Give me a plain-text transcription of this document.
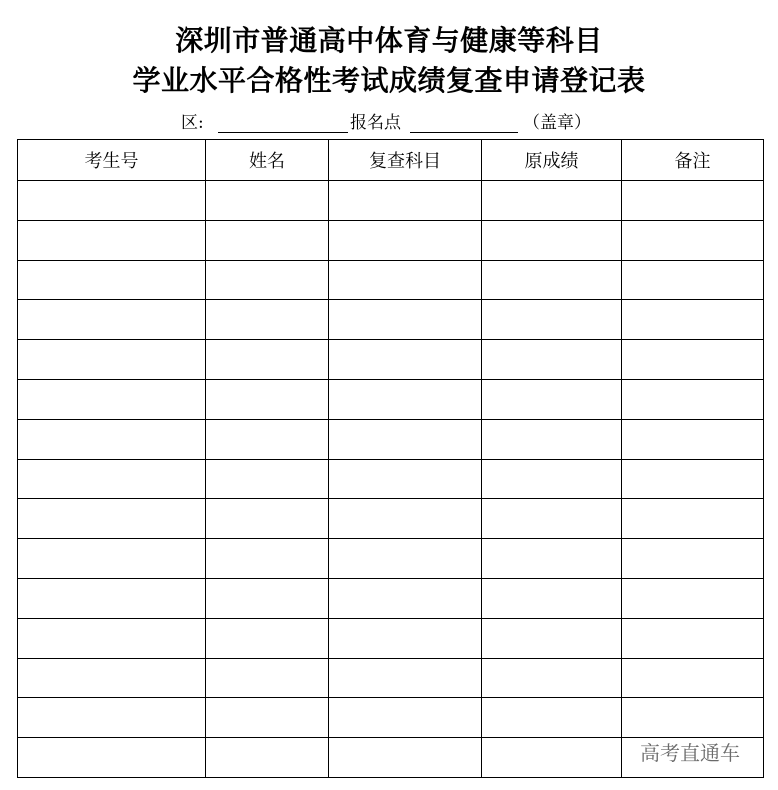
深圳市普通高中体育与健康等科目
学业水平合格性考试成绩复查申请登记表
区:	报名点	（盖章）
考生号	姓名	复查科目	原成绩	备注

高考直通车
